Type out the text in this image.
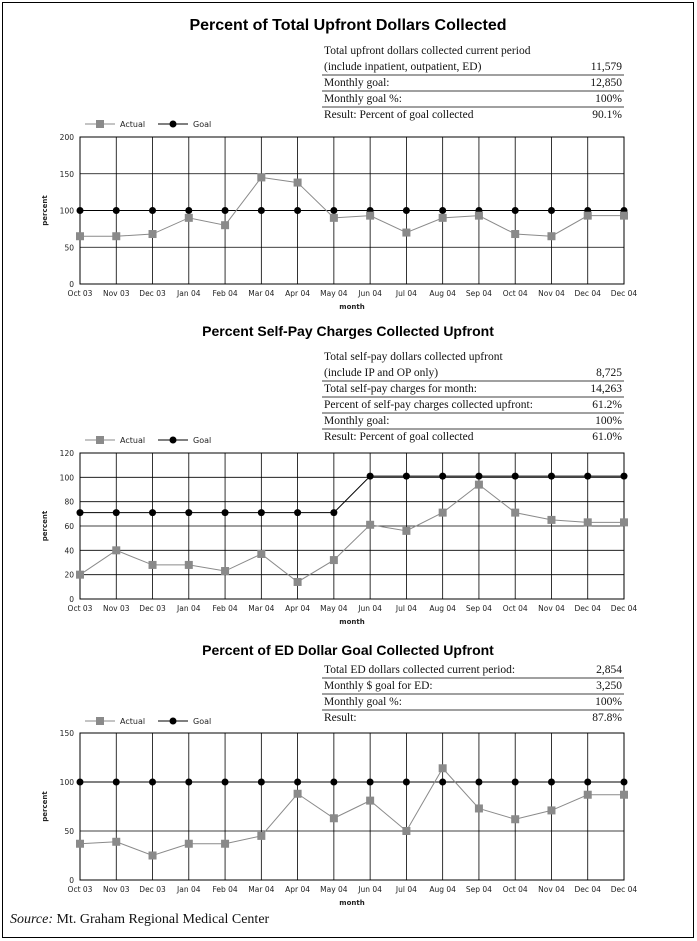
Percent of Total Upfront Dollars Collected
Total upfront dollars collected current period
(include inpatient, outpatient, ED)	11,579
Monthly goal:	12,850
Monthly goal %:	100%
Result: Percent of goal collected	90.1%
Actual	Goal
0
50
100
150
200
Oct 03 Nov 03 Dec 03 Jan 04 Feb 04 Mar 04 Apr 04 May 04 Jun 04 Jul 04 Aug 04 Sep 04 Oct 04 Nov 04 Dec 04 Dec 04
month
percent
Percent Self-Pay Charges Collected Upfront
Total self-pay dollars collected upfront
(include IP and OP only)	8,725
Total self-pay charges for month:	14,263
Percent of self-pay charges collected upfront:	61.2%
Monthly goal:	100%
Result: Percent of goal collected	61.0%
Actual	Goal
0
20
40
60
80
100
120
Oct 03 Nov 03 Dec 03 Jan 04 Feb 04 Mar 04 Apr 04 May 04 Jun 04 Jul 04 Aug 04 Sep 04 Oct 04 Nov 04 Dec 04 Dec 04
month
percent
Percent of ED Dollar Goal Collected Upfront
Total ED dollars collected current period:	2,854
Monthly $ goal for ED:	3,250
Monthly goal %:	100%
Result:	87.8%
Actual	Goal
0
50
100
150
Oct 03 Nov 03 Dec 03 Jan 04 Feb 04 Mar 04 Apr 04 May 04 Jun 04 Jul 04 Aug 04 Sep 04 Oct 04 Nov 04 Dec 04 Dec 04
month
percent
Source: Mt. Graham Regional Medical Center
